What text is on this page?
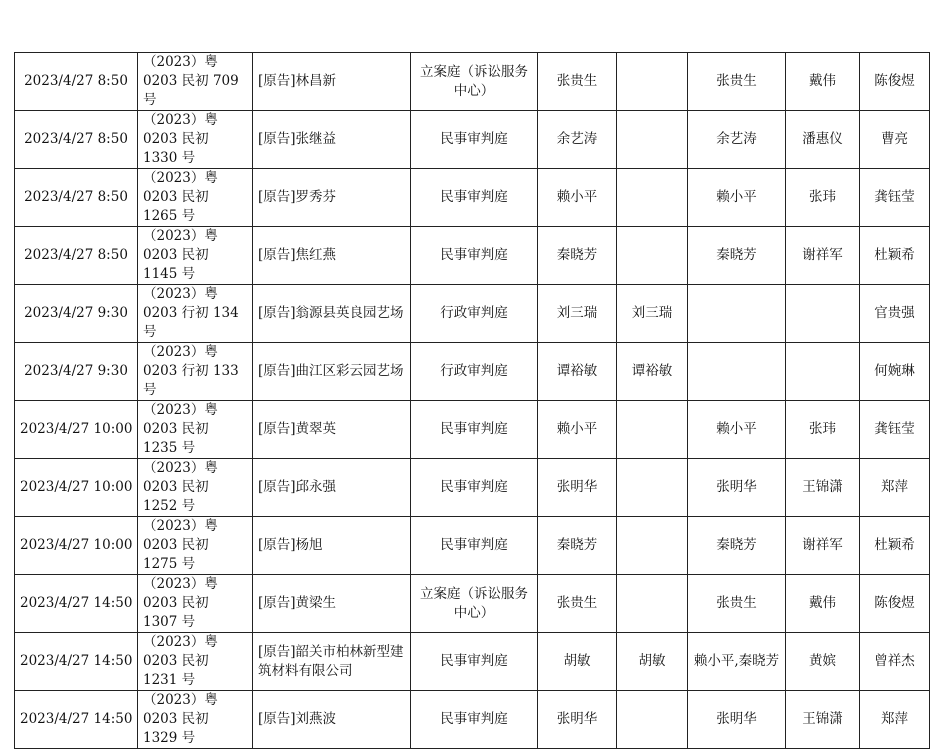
2023/4/27 8:50	（2023）粤 0203 民初 709 号	[原告]林昌新	立案庭（诉讼服务中心）	张贵生		张贵生	戴伟	陈俊煜
2023/4/27 8:50	（2023）粤 0203 民初 1330 号	[原告]张继益	民事审判庭	余艺涛		余艺涛	潘惠仪	曹亮
2023/4/27 8:50	（2023）粤 0203 民初 1265 号	[原告]罗秀芬	民事审判庭	赖小平		赖小平	张玮	龚钰莹
2023/4/27 8:50	（2023）粤 0203 民初 1145 号	[原告]焦红燕	民事审判庭	秦晓芳		秦晓芳	谢祥军	杜颖希
2023/4/27 9:30	（2023）粤 0203 行初 134 号	[原告]翁源县英良园艺场	行政审判庭	刘三瑞	刘三瑞			官贵强
2023/4/27 9:30	（2023）粤 0203 行初 133 号	[原告]曲江区彩云园艺场	行政审判庭	谭裕敏	谭裕敏			何婉琳
2023/4/27 10:00	（2023）粤 0203 民初 1235 号	[原告]黄翠英	民事审判庭	赖小平		赖小平	张玮	龚钰莹
2023/4/27 10:00	（2023）粤 0203 民初 1252 号	[原告]邱永强	民事审判庭	张明华		张明华	王锦潇	郑萍
2023/4/27 10:00	（2023）粤 0203 民初 1275 号	[原告]杨旭	民事审判庭	秦晓芳		秦晓芳	谢祥军	杜颖希
2023/4/27 14:50	（2023）粤 0203 民初 1307 号	[原告]黄梁生	立案庭（诉讼服务中心）	张贵生		张贵生	戴伟	陈俊煜
2023/4/27 14:50	（2023）粤 0203 民初 1231 号	[原告]韶关市柏林新型建筑材料有限公司	民事审判庭	胡敏	胡敏	赖小平,秦晓芳	黄嫔	曾祥杰
2023/4/27 14:50	（2023）粤 0203 民初 1329 号	[原告]刘燕波	民事审判庭	张明华		张明华	王锦潇	郑萍
